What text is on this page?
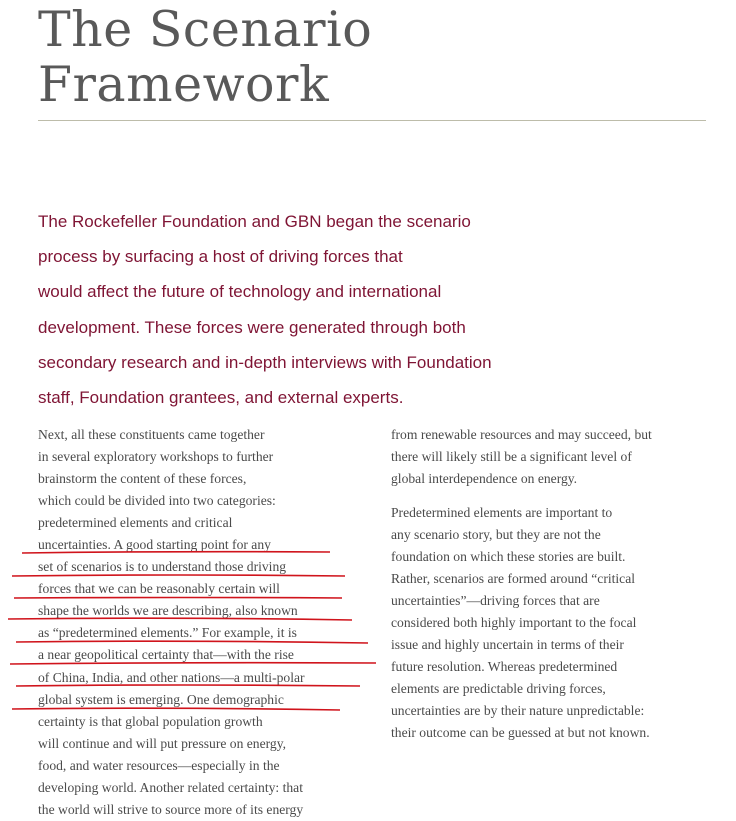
The Scenario
Framework
The Rockefeller Foundation and GBN began the scenario
process by surfacing a host of driving forces that
would affect the future of technology and international
development. These forces were generated through both
secondary research and in-depth interviews with Foundation
staff, Foundation grantees, and external experts.
Next, all these constituents came together
in several exploratory workshops to further
brainstorm the content of these forces,
which could be divided into two categories:
predetermined elements and critical
uncertainties. A good starting point for any
set of scenarios is to understand those driving
forces that we can be reasonably certain will
shape the worlds we are describing, also known
as “predetermined elements.” For example, it is
a near geopolitical certainty that—with the rise
of China, India, and other nations—a multi-polar
global system is emerging. One demographic
certainty is that global population growth
will continue and will put pressure on energy,
food, and water resources—especially in the
developing world. Another related certainty: that
the world will strive to source more of its energy
from renewable resources and may succeed, but
there will likely still be a significant level of
global interdependence on energy.
Predetermined elements are important to
any scenario story, but they are not the
foundation on which these stories are built.
Rather, scenarios are formed around “critical
uncertainties”—driving forces that are
considered both highly important to the focal
issue and highly uncertain in terms of their
future resolution. Whereas predetermined
elements are predictable driving forces,
uncertainties are by their nature unpredictable:
their outcome can be guessed at but not known.
